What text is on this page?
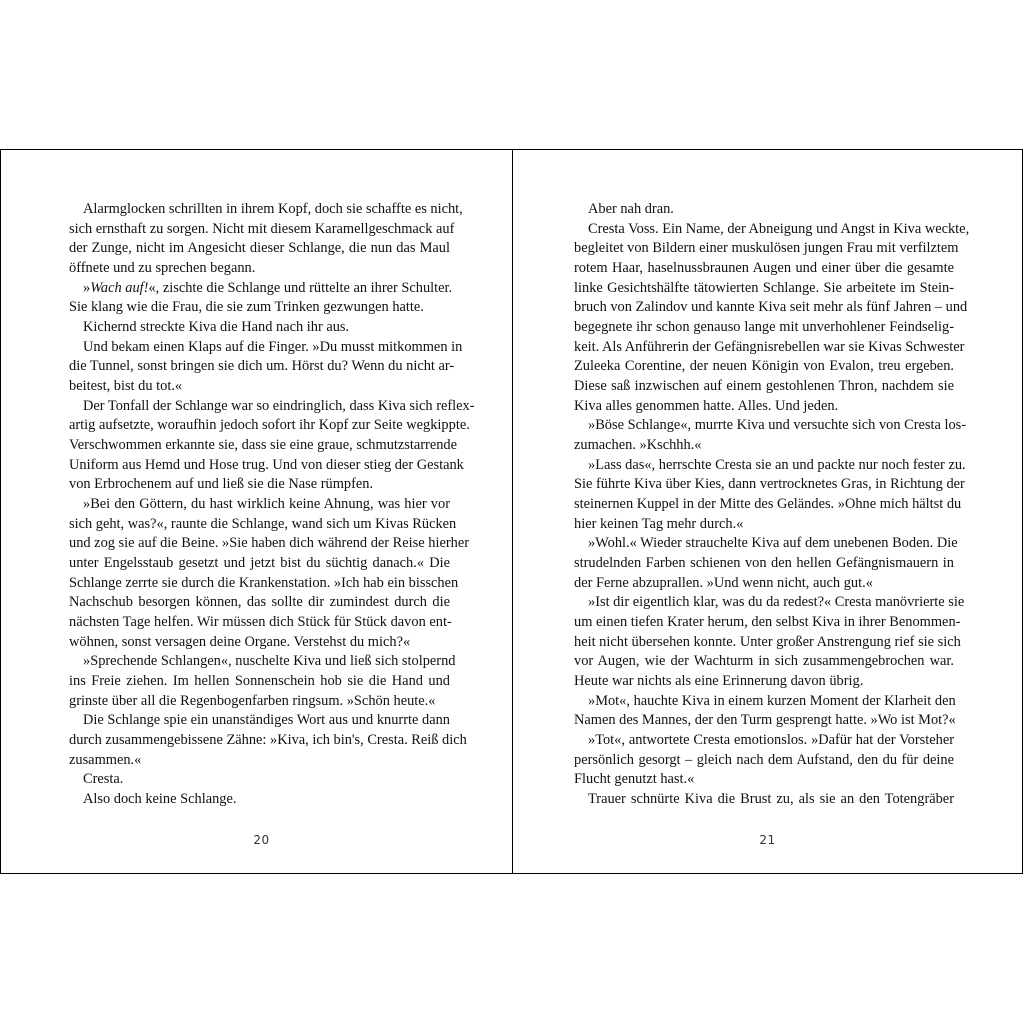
Alarmglocken schrillten in ihrem Kopf, doch sie schaffte es nicht,
sich ernsthaft zu sorgen. Nicht mit diesem Karamellgeschmack auf
der Zunge, nicht im Angesicht dieser Schlange, die nun das Maul
öffnete und zu sprechen begann.
»Wach auf!«, zischte die Schlange und rüttelte an ihrer Schulter.
Sie klang wie die Frau, die sie zum Trinken gezwungen hatte.
Kichernd streckte Kiva die Hand nach ihr aus.
Und bekam einen Klaps auf die Finger. »Du musst mitkommen in
die Tunnel, sonst bringen sie dich um. Hörst du? Wenn du nicht ar-
beitest, bist du tot.«
Der Tonfall der Schlange war so eindringlich, dass Kiva sich reflex-
artig aufsetzte, woraufhin jedoch sofort ihr Kopf zur Seite wegkippte.
Verschwommen erkannte sie, dass sie eine graue, schmutzstarrende
Uniform aus Hemd und Hose trug. Und von dieser stieg der Gestank
von Erbrochenem auf und ließ sie die Nase rümpfen.
»Bei den Göttern, du hast wirklich keine Ahnung, was hier vor
sich geht, was?«, raunte die Schlange, wand sich um Kivas Rücken
und zog sie auf die Beine. »Sie haben dich während der Reise hierher
unter Engelsstaub gesetzt und jetzt bist du süchtig danach.« Die
Schlange zerrte sie durch die Krankenstation. »Ich hab ein bisschen
Nachschub besorgen können, das sollte dir zumindest durch die
nächsten Tage helfen. Wir müssen dich Stück für Stück davon ent-
wöhnen, sonst versagen deine Organe. Verstehst du mich?«
»Sprechende Schlangen«, nuschelte Kiva und ließ sich stolpernd
ins Freie ziehen. Im hellen Sonnenschein hob sie die Hand und
grinste über all die Regenbogenfarben ringsum. »Schön heute.«
Die Schlange spie ein unanständiges Wort aus und knurrte dann
durch zusammengebissene Zähne: »Kiva, ich bin's, Cresta. Reiß dich
zusammen.«
Cresta.
Also doch keine Schlange.
20
Aber nah dran.
Cresta Voss. Ein Name, der Abneigung und Angst in Kiva weckte,
begleitet von Bildern einer muskulösen jungen Frau mit verfilztem
rotem Haar, haselnussbraunen Augen und einer über die gesamte
linke Gesichtshälfte tätowierten Schlange. Sie arbeitete im Stein-
bruch von Zalindov und kannte Kiva seit mehr als fünf Jahren – und
begegnete ihr schon genauso lange mit unverhohlener Feindselig-
keit. Als Anführerin der Gefängnisrebellen war sie Kivas Schwester
Zuleeka Corentine, der neuen Königin von Evalon, treu ergeben.
Diese saß inzwischen auf einem gestohlenen Thron, nachdem sie
Kiva alles genommen hatte. Alles. Und jeden.
»Böse Schlange«, murrte Kiva und versuchte sich von Cresta los-
zumachen. »Kschhh.«
»Lass das«, herrschte Cresta sie an und packte nur noch fester zu.
Sie führte Kiva über Kies, dann vertrocknetes Gras, in Richtung der
steinernen Kuppel in der Mitte des Geländes. »Ohne mich hältst du
hier keinen Tag mehr durch.«
»Wohl.« Wieder strauchelte Kiva auf dem unebenen Boden. Die
strudelnden Farben schienen von den hellen Gefängnismauern in
der Ferne abzuprallen. »Und wenn nicht, auch gut.«
»Ist dir eigentlich klar, was du da redest?« Cresta manövrierte sie
um einen tiefen Krater herum, den selbst Kiva in ihrer Benommen-
heit nicht übersehen konnte. Unter großer Anstrengung rief sie sich
vor Augen, wie der Wachturm in sich zusammengebrochen war.
Heute war nichts als eine Erinnerung davon übrig.
»Mot«, hauchte Kiva in einem kurzen Moment der Klarheit den
Namen des Mannes, der den Turm gesprengt hatte. »Wo ist Mot?«
»Tot«, antwortete Cresta emotionslos. »Dafür hat der Vorsteher
persönlich gesorgt – gleich nach dem Aufstand, den du für deine
Flucht genutzt hast.«
Trauer schnürte Kiva die Brust zu, als sie an den Totengräber
21
